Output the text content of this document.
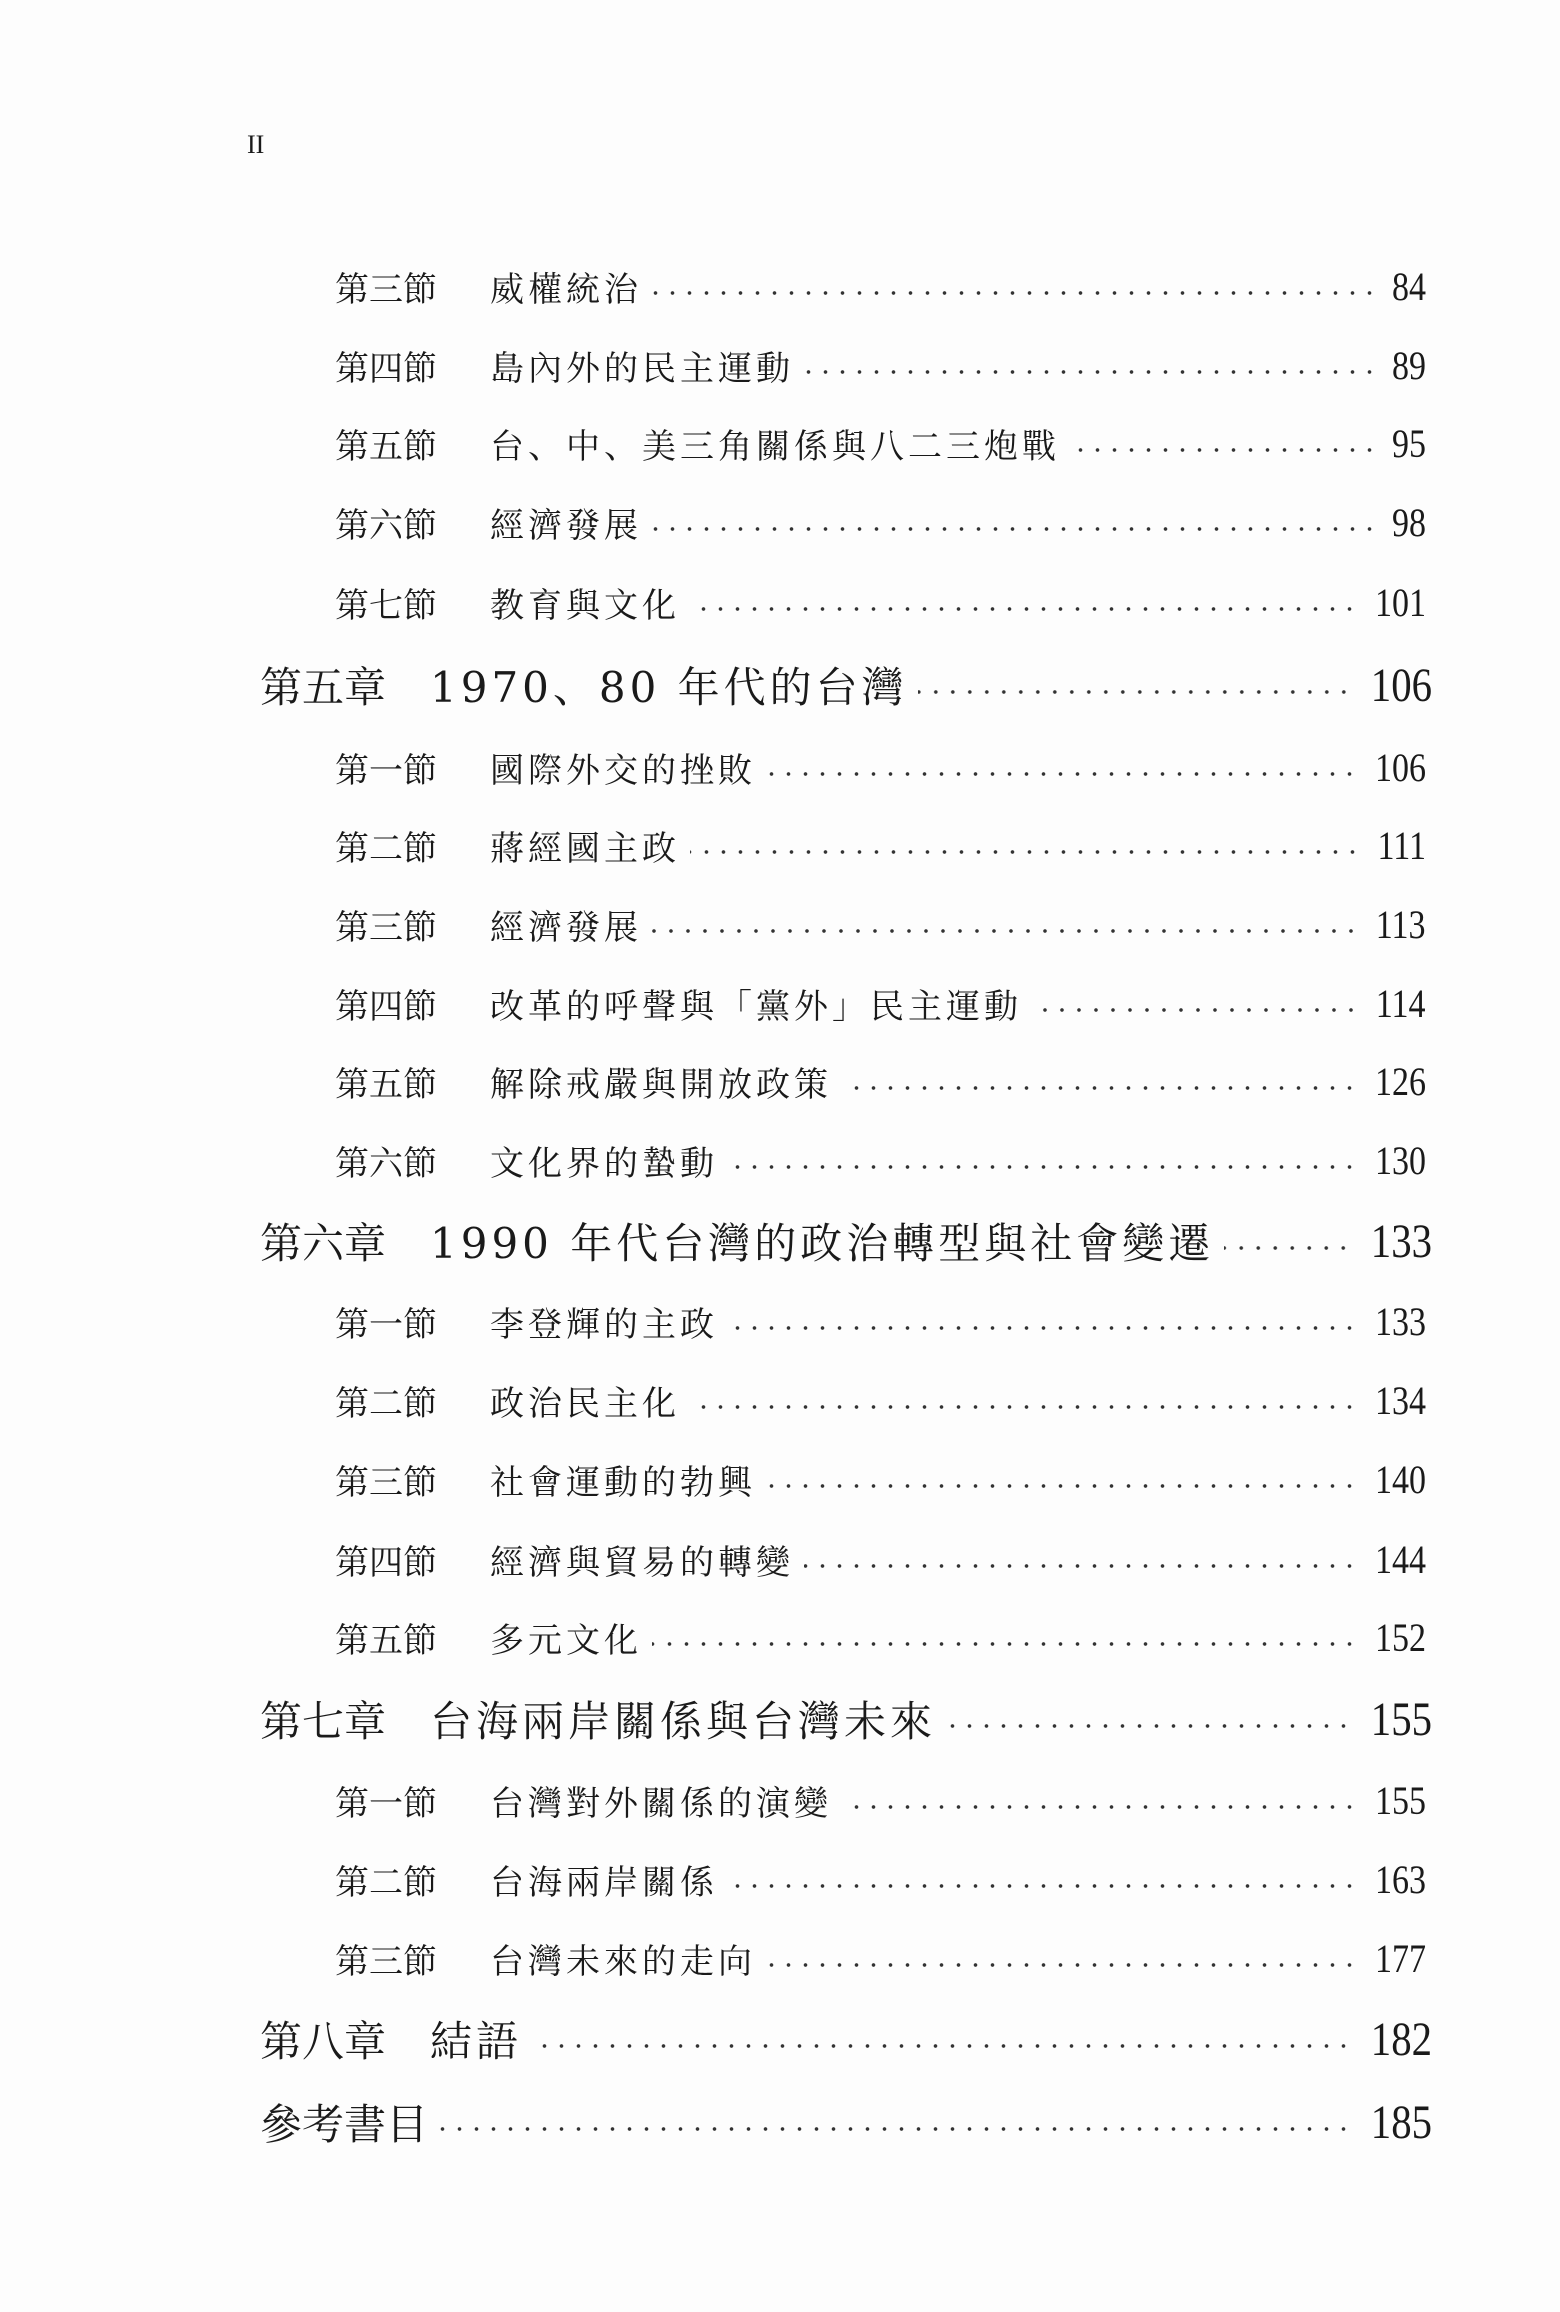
II
第三節	威權統治	84
第四節	島內外的民主運動	89
第五節	台、中、美三角關係與八二三炮戰	95
第六節	經濟發展	98
第七節	教育與文化	101
第五章	1970、80 年代的台灣	106
第一節	國際外交的挫敗	106
第二節	蔣經國主政	111
第三節	經濟發展	113
第四節	改革的呼聲與「黨外」民主運動	114
第五節	解除戒嚴與開放政策	126
第六節	文化界的蟄動	130
第六章	1990 年代台灣的政治轉型與社會變遷	133
第一節	李登輝的主政	133
第二節	政治民主化	134
第三節	社會運動的勃興	140
第四節	經濟與貿易的轉變	144
第五節	多元文化	152
第七章	台海兩岸關係與台灣未來	155
第一節	台灣對外關係的演變	155
第二節	台海兩岸關係	163
第三節	台灣未來的走向	177
第八章	結語	182
參考書目	185
